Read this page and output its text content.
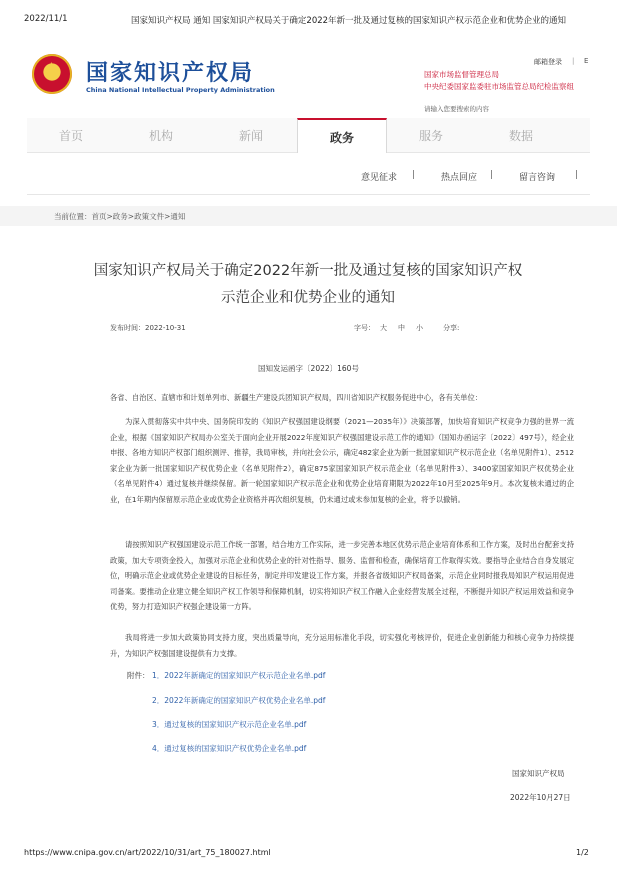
2022/11/1	国家知识产权局 通知 国家知识产权局关于确定2022年新一批及通过复核的国家知识产权示范企业和优势企业的通知
https://www.cnipa.gov.cn/art/2022/10/31/art_75_180027.html	1/2
★ 国家知识产权局
China National Intellectual Property Administration
邮箱登录 | E
国家市场监督管理总局
中央纪委国家监委驻市场监管总局纪检监察组
请输入您要搜索的内容
首页	机构	新闻	政务	服务	数据
意见征求 |	热点回应 |	留言咨询 |
当前位置：首页>政务>政策文件>通知
国家知识产权局关于确定2022年新一批及通过复核的国家知识产权示范企业和优势企业的通知
发布时间：2022-10-31	字号： 大 中 小	分享:
国知发运函字〔2022〕160号

各省、自治区、直辖市和计划单列市、新疆生产建设兵团知识产权局，四川省知识产权服务促进中心，各有关单位：

为深入贯彻落实中共中央、国务院印发的《知识产权强国建设纲要（2021—2035年）》决策部署，加快培育知识产权竞争力强的世界一流企业，根据《国家知识产权局办公室关于面向企业开展2022年度知识产权强国建设示范工作的通知》（国知办函运字〔2022〕497号），经企业申报、各地方知识产权部门组织测评、推荐，我局审核，并向社会公示，确定482家企业为新一批国家知识产权示范企业（名单见附件1）、2512家企业为新一批国家知识产权优势企业（名单见附件2），确定875家国家知识产权示范企业（名单见附件3）、3400家国家知识产权优势企业（名单见附件4）通过复核并继续保留。新一轮国家知识产权示范企业和优势企业培育期限为2022年10月至2025年9月。本次复核未通过的企业，在1年期内保留原示范企业或优势企业资格并再次组织复核，仍未通过或未参加复核的企业，将予以撤销。

请按照知识产权强国建设示范工作统一部署，结合地方工作实际，进一步完善本地区优势示范企业培育体系和工作方案，及时出台配套支持政策，加大专项资金投入，加强对示范企业和优势企业的针对性指导、服务、监督和检查，确保培育工作取得实效。要指导企业结合自身发展定位，明确示范企业或优势企业建设的目标任务，制定并印发建设工作方案，并报各省级知识产权局备案，示范企业同时报我局知识产权运用促进司备案。要推动企业建立健全知识产权工作领导和保障机制，切实将知识产权工作融入企业经营发展全过程，不断提升知识产权运用效益和竞争优势，努力打造知识产权强企建设第一方阵。

我局将进一步加大政策协同支持力度，突出质量导向，充分运用标准化手段，切实强化考核评价，促进企业创新能力和核心竞争力持续提升，为知识产权强国建设提供有力支撑。

附件： 1．2022年新确定的国家知识产权示范企业名单.pdf
2．2022年新确定的国家知识产权优势企业名单.pdf
3．通过复核的国家知识产权示范企业名单.pdf
4．通过复核的国家知识产权优势企业名单.pdf
国家知识产权局
2022年10月27日
